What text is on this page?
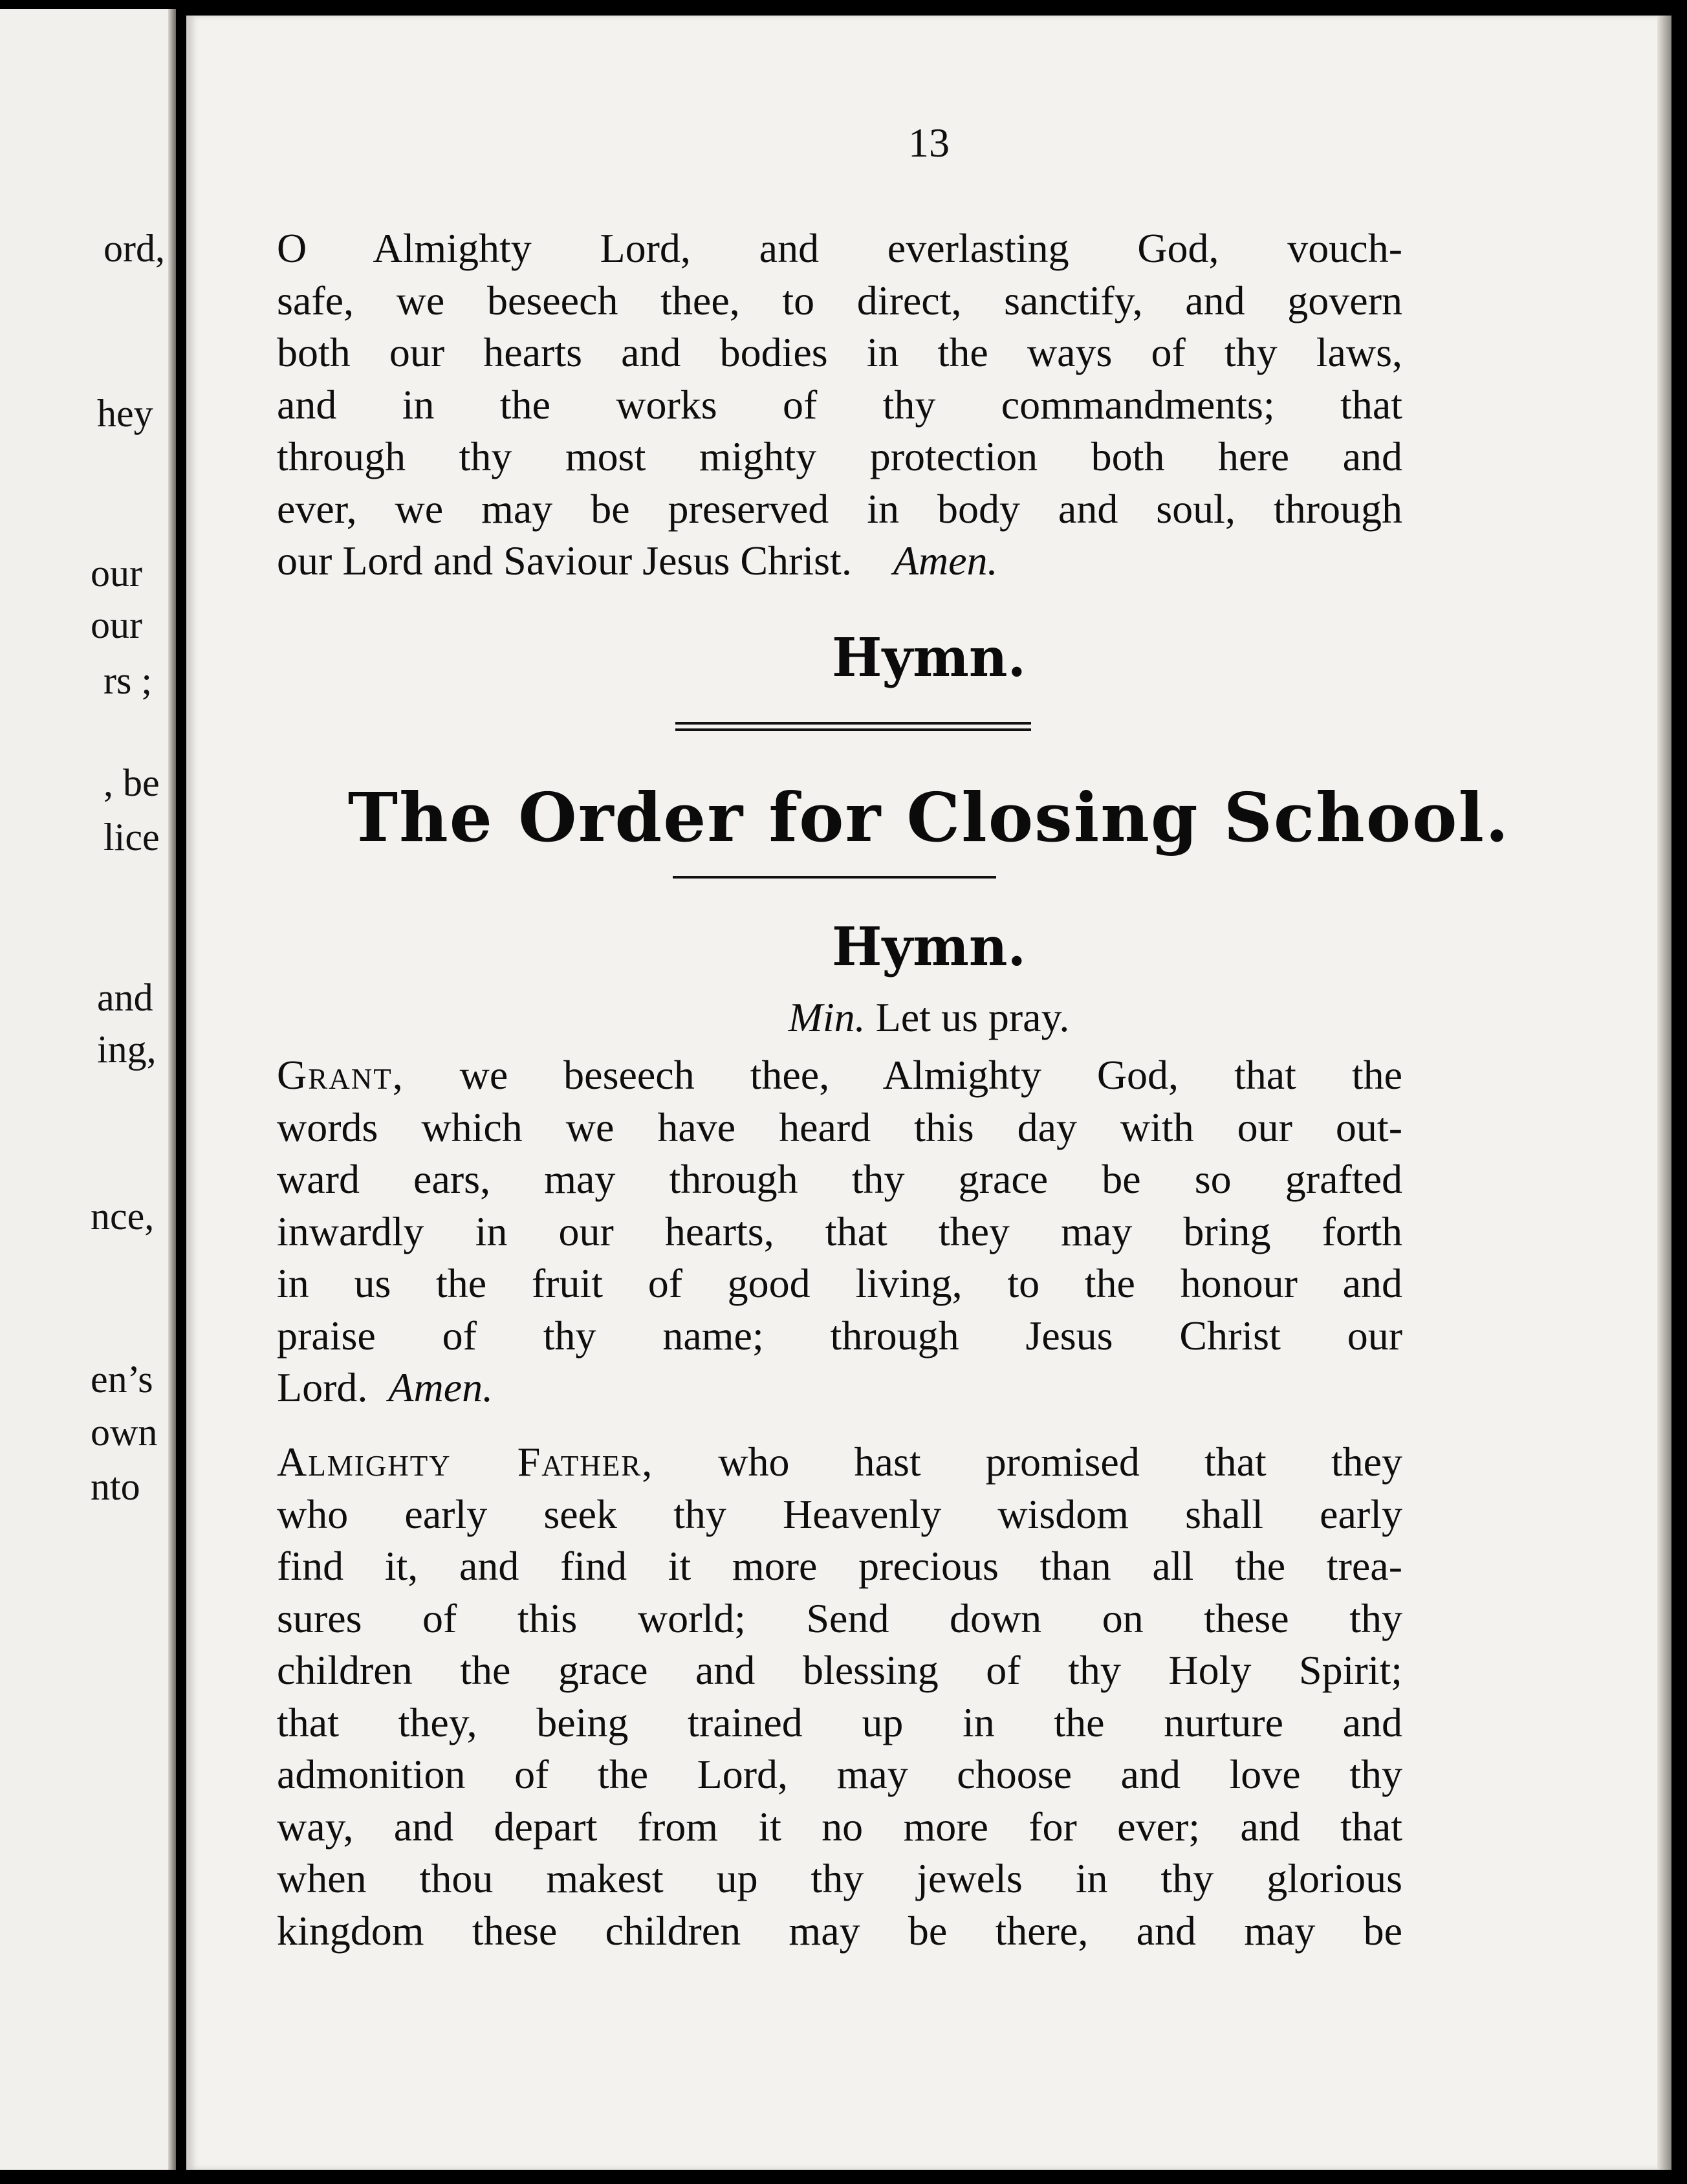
ord,
hey
our
our
rs ;
, be
lice
and
ing,
nce,
en’s
own
nto
13
O Almighty Lord, and everlasting God, vouch-
safe, we beseech thee, to direct, sanctify, and govern
both our hearts and bodies in the ways of thy laws,
and in the works of thy commandments; that
through thy most mighty protection both here and
ever, we may be preserved in body and soul, through
our Lord and Saviour Jesus Christ. Amen.
Hymn.
The Order for Closing School.
Hymn.
Min. Let us pray.
Grant, we beseech thee, Almighty God, that the
words which we have heard this day with our out-
ward ears, may through thy grace be so grafted
inwardly in our hearts, that they may bring forth
in us the fruit of good living, to the honour and
praise of thy name; through Jesus Christ our
Lord. Amen.
Almighty Father, who hast promised that they
who early seek thy Heavenly wisdom shall early
find it, and find it more precious than all the trea-
sures of this world; Send down on these thy
children the grace and blessing of thy Holy Spirit;
that they, being trained up in the nurture and
admonition of the Lord, may choose and love thy
way, and depart from it no more for ever; and that
when thou makest up thy jewels in thy glorious
kingdom these children may be there, and may be
